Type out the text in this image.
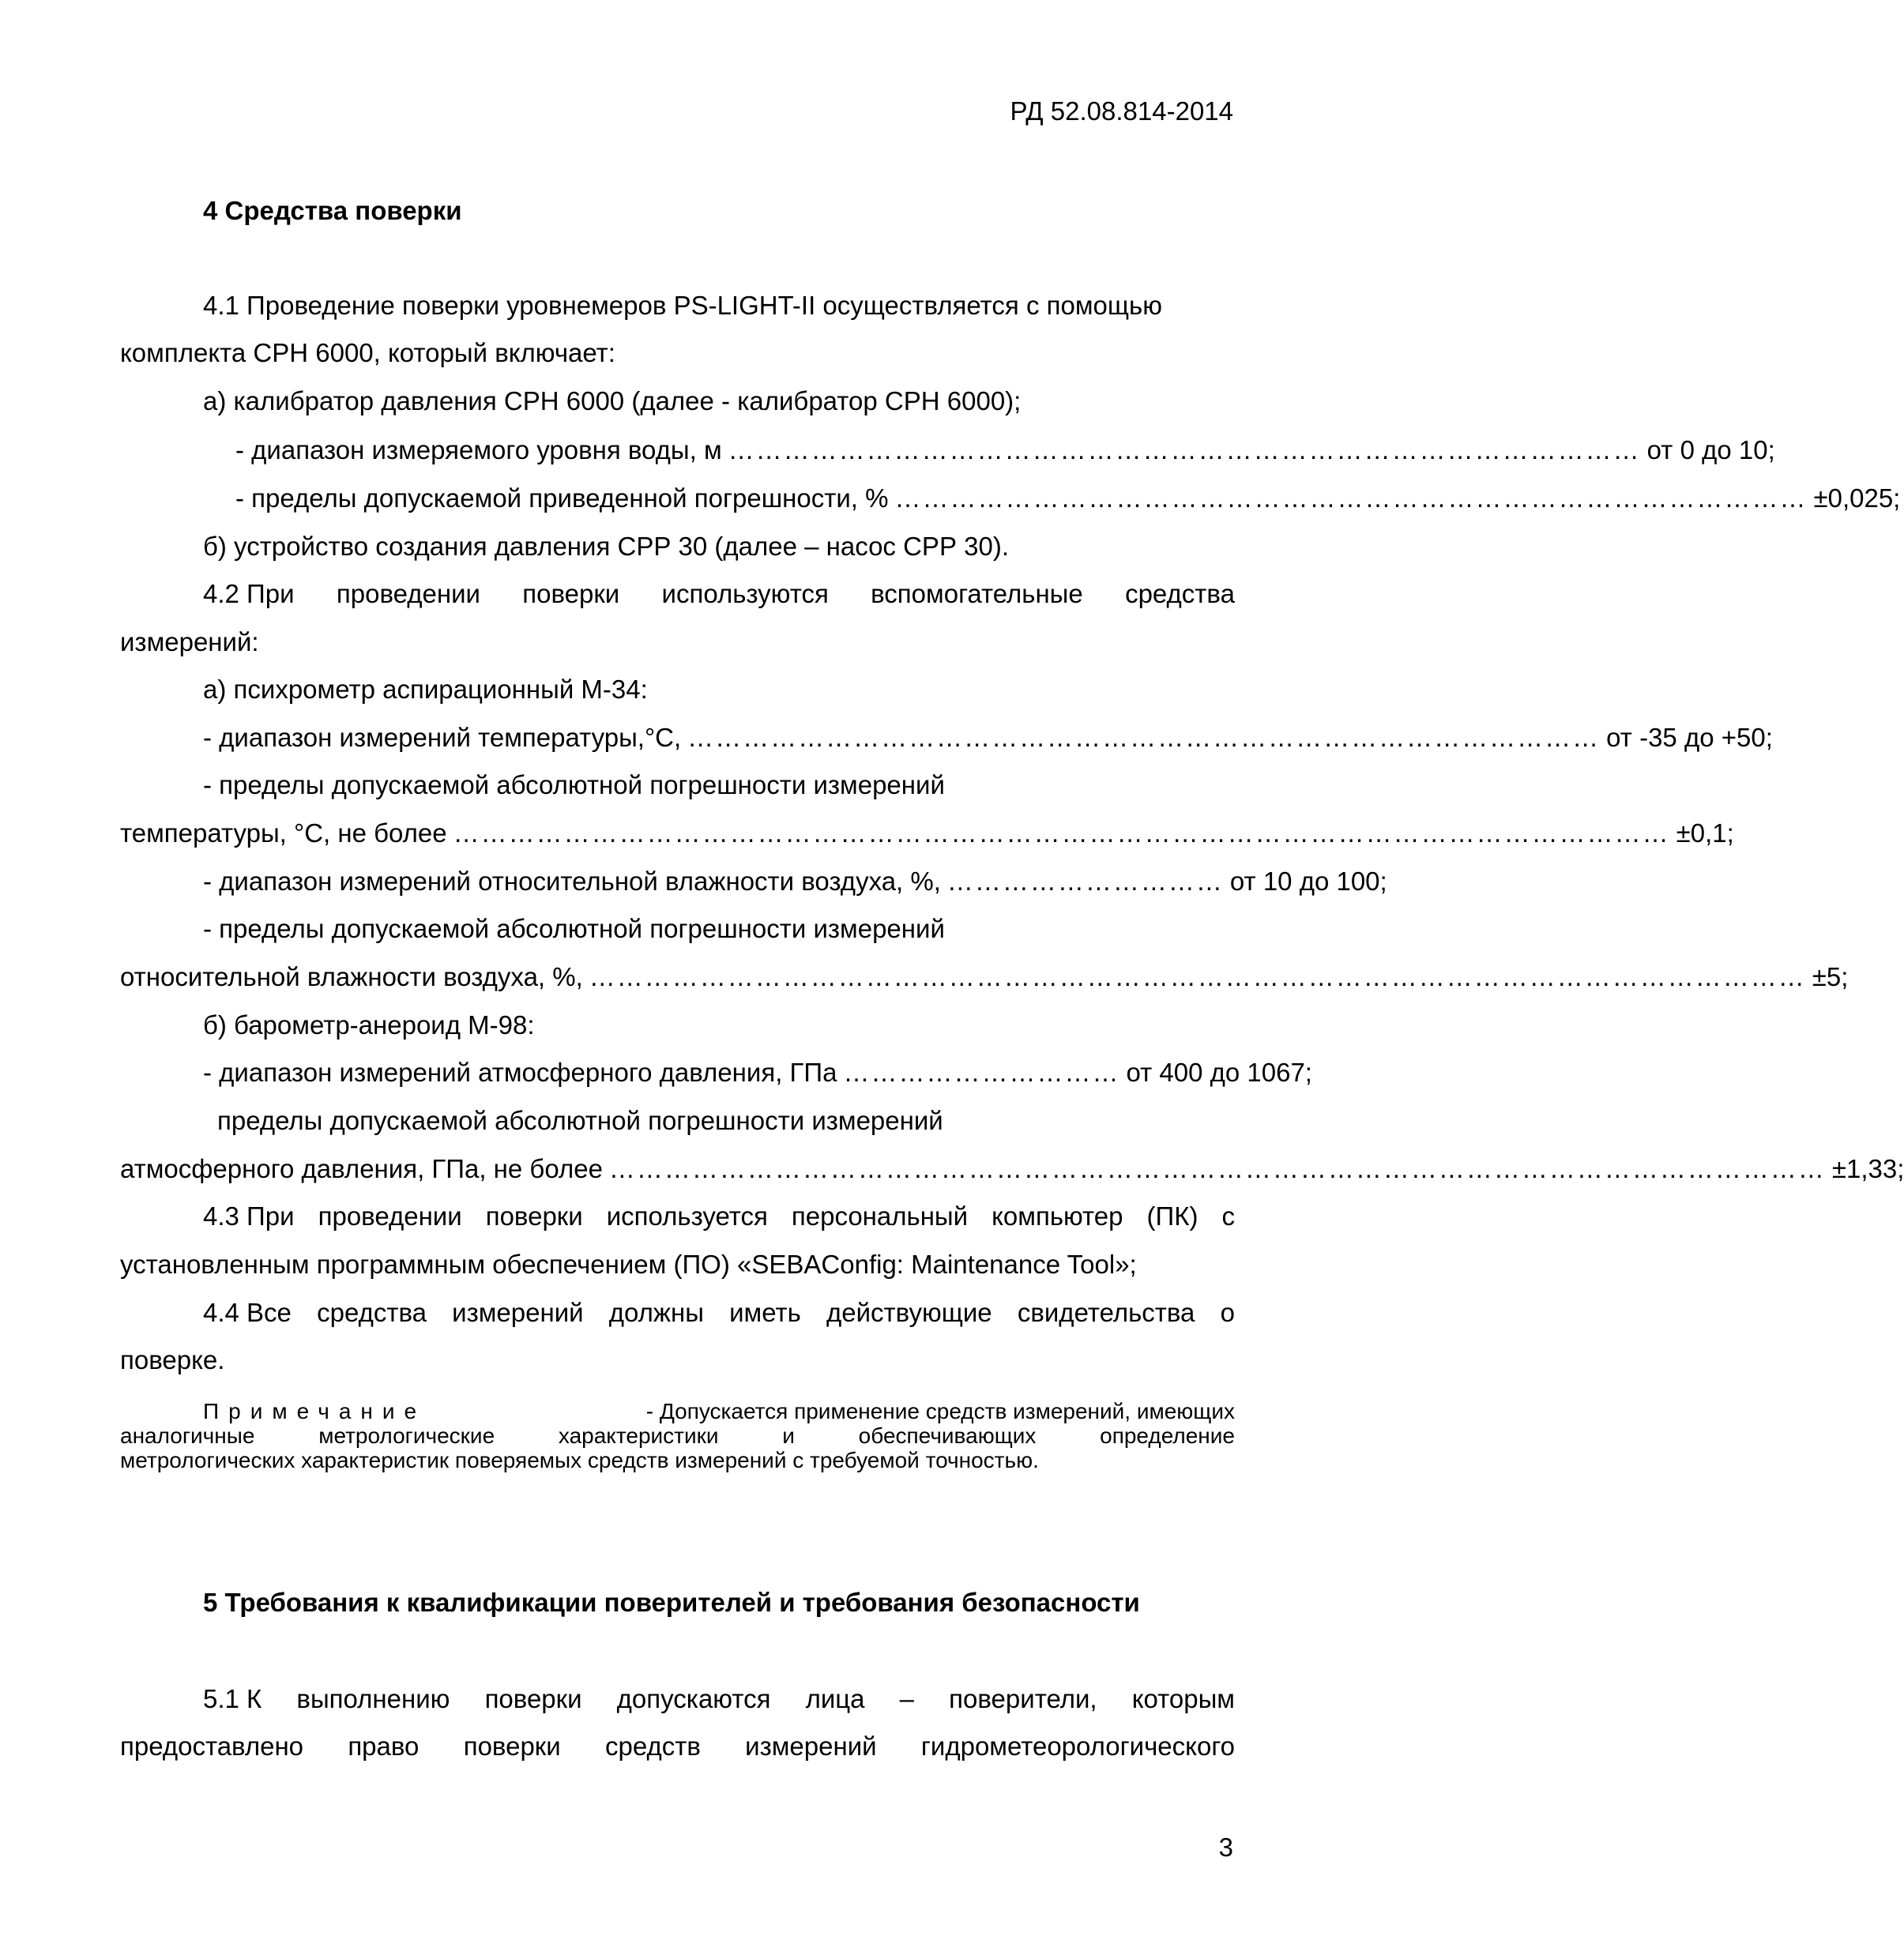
РД 52.08.814-2014
4 Средства поверки
4.1 Проведение поверки уровнемеров PS-LIGHT-II осуществляется с помощью
комплекта СРН 6000, который включает:
а) калибратор давления СРН 6000 (далее - калибратор СРН 6000);
- диапазон измеряемого уровня воды, м ……………………………………………………………………………………… от 0 до 10;
- пределы допускаемой приведенной погрешности, % ……………………………………………………………………………………… ±0,025;
б) устройство создания давления СРР 30 (далее – насос СРР 30).
4.2 При проведении поверки используются вспомогательные средства
измерений:
а) психрометр аспирационный М-34:
- диапазон измерений температуры,°С, ……………………………………………………………………………………… от -35 до +50;
- пределы допускаемой абсолютной погрешности измерений
температуры, °С, не более …………………………………………………………………………………………………………………… ±0,1;
- диапазон измерений относительной влажности воздуха, %, ………………………… от 10 до 100;
- пределы допускаемой абсолютной погрешности измерений
относительной влажности воздуха, %, …………………………………………………………………………………………………………………… ±5;
б) барометр-анероид М-98:
- диапазон измерений атмосферного давления, ГПа ………………………… от 400 до 1067;
пределы допускаемой абсолютной погрешности измерений
атмосферного давления, ГПа, не более …………………………………………………………………………………………………………………… ±1,33;
4.3 При проведении поверки используется персональный компьютер (ПК) с
установленным программным обеспечением (ПО) «SEBAConfig: Maintenance Tool»;
4.4 Все средства измерений должны иметь действующие свидетельства о
поверке.
Примечание	- Допускается применение средств измерений, имеющих
аналогичные	метрологические	характеристики	и	обеспечивающих	определение
метрологических характеристик поверяемых средств измерений с требуемой точностью.
5 Требования к квалификации поверителей и требования безопасности
5.1 К выполнению поверки допускаются лица – поверители, которым
предоставлено право поверки средств измерений гидрометеорологического
3
